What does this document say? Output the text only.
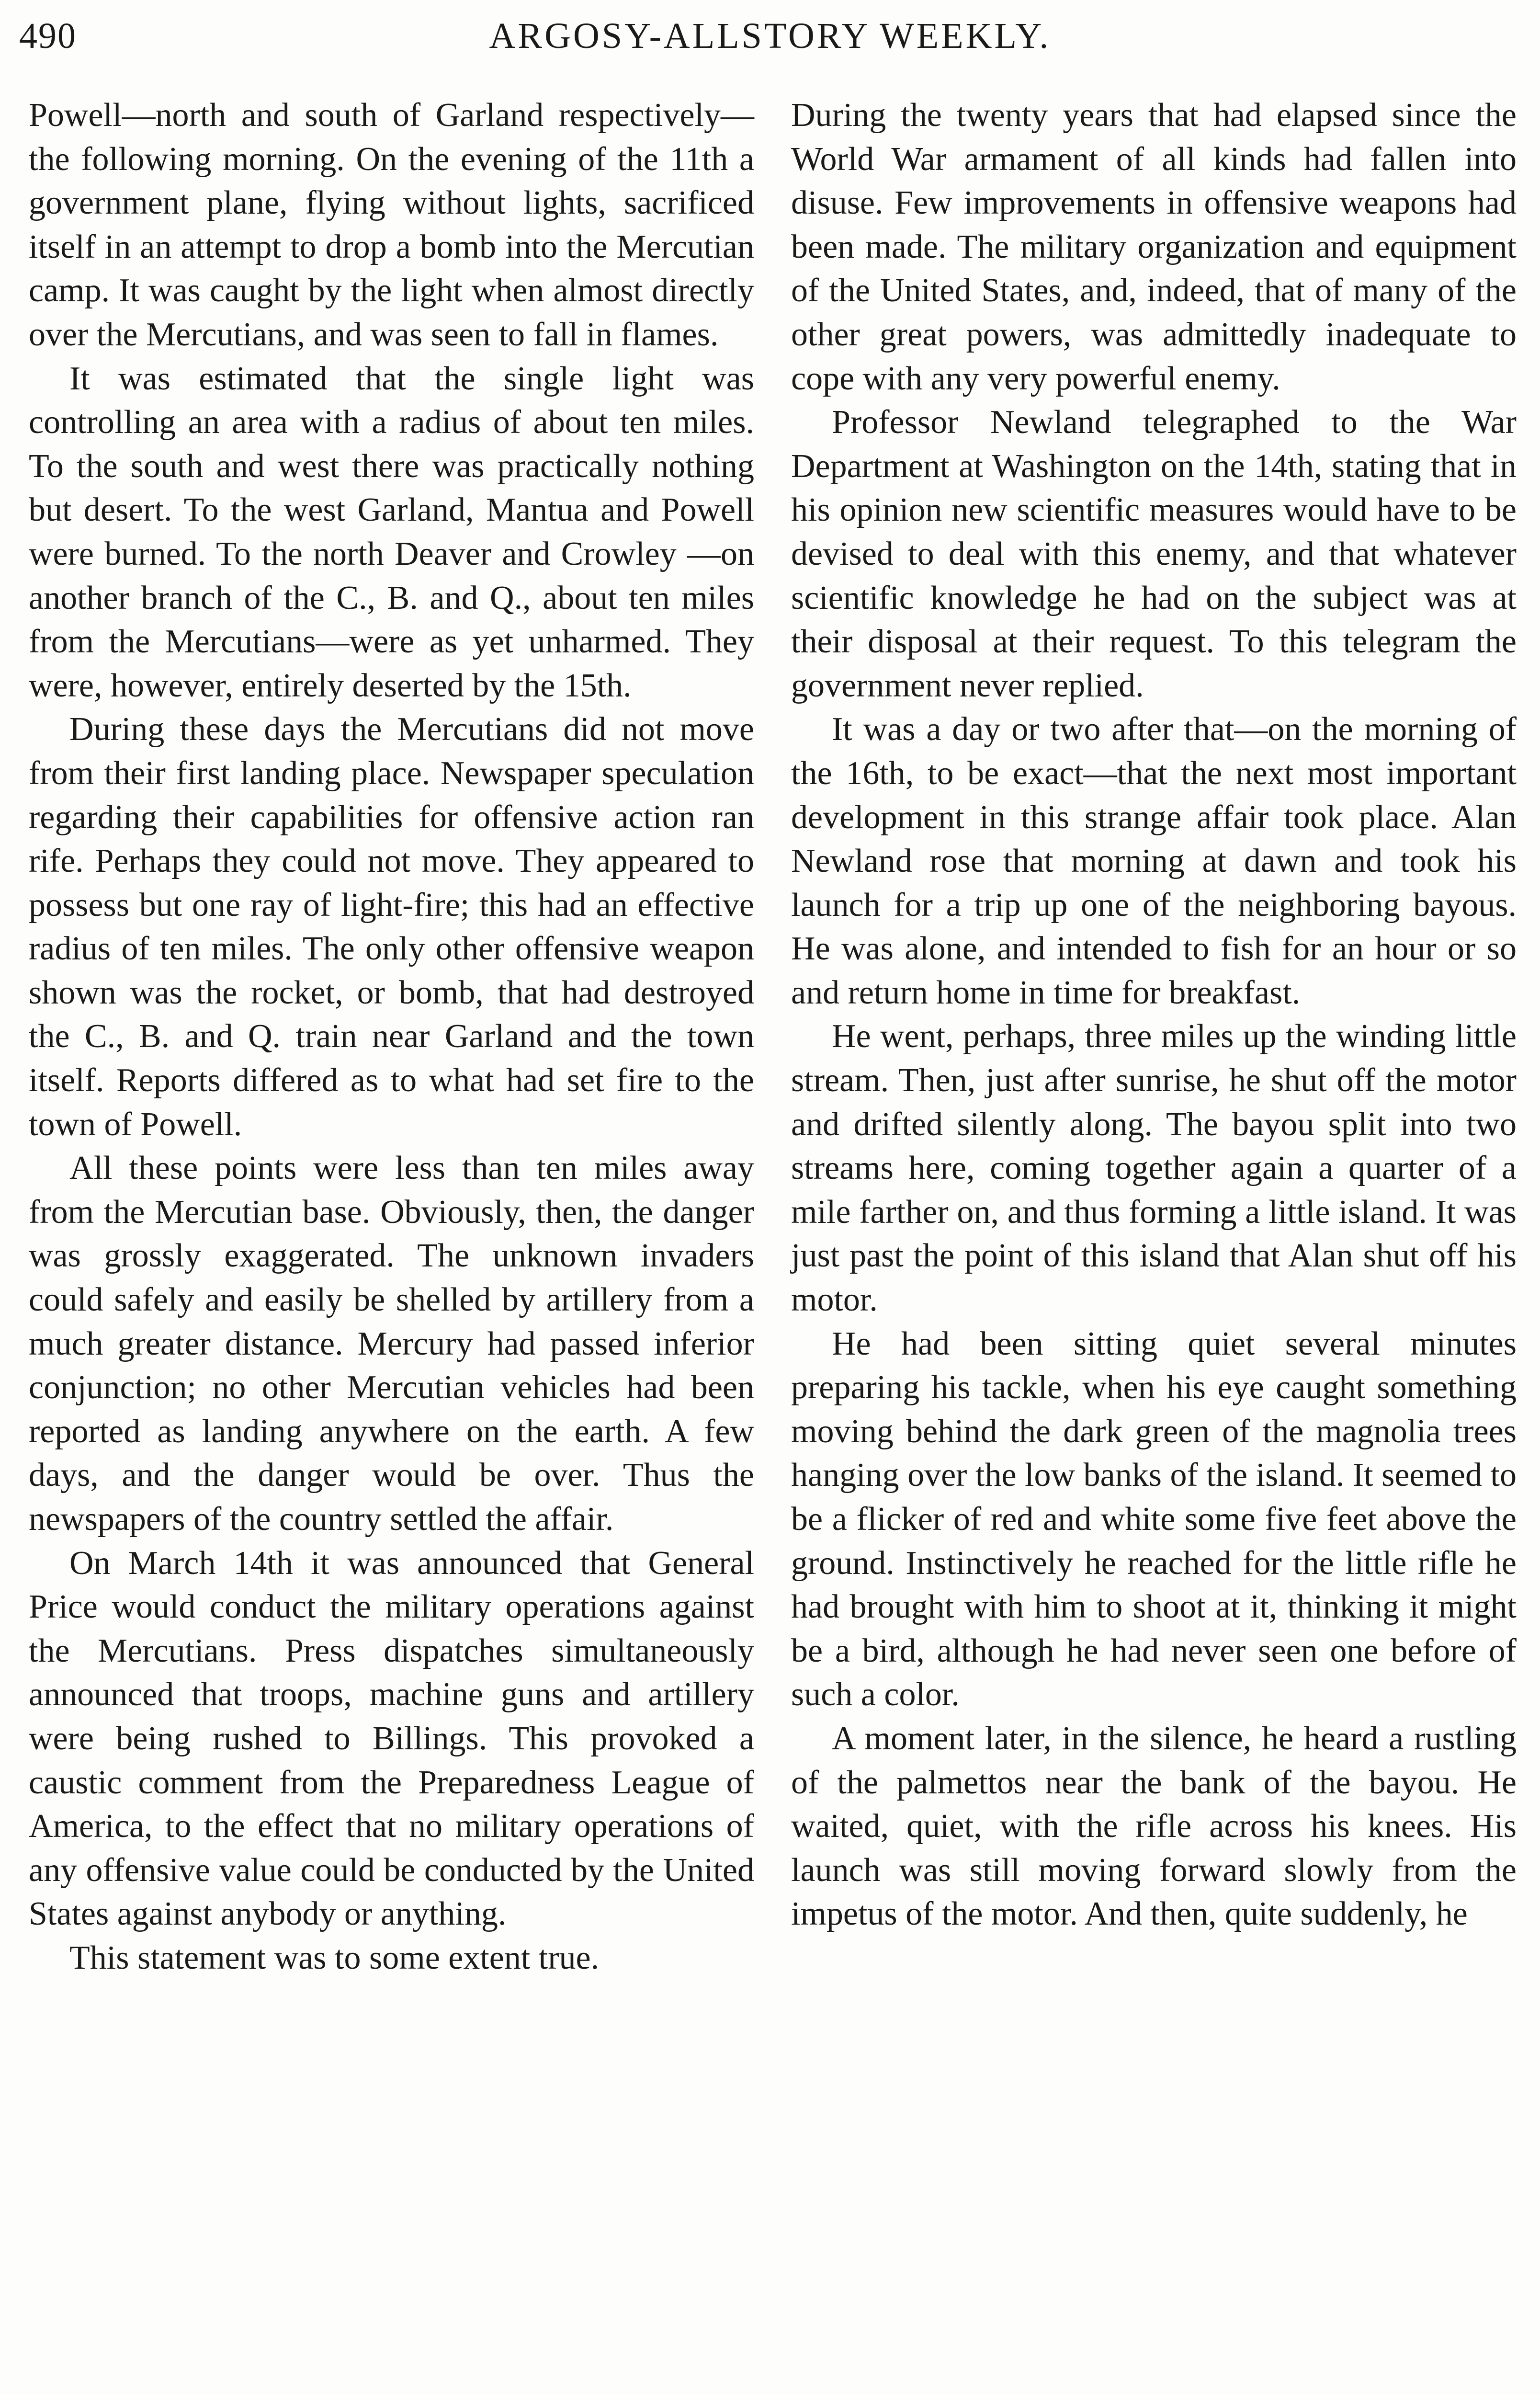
490	ARGOSY-ALLSTORY WEEKLY.

Powell—north and south of Garland respectively—the following morning. On the evening of the 11th a government plane, flying without lights, sacrificed itself in an attempt to drop a bomb into the Mercutian camp. It was caught by the light when almost directly over the Mercutians, and was seen to fall in flames.

It was estimated that the single light was controlling an area with a radius of about ten miles. To the south and west there was practically nothing but desert. To the west Garland, Mantua and Powell were burned. To the north Deaver and Crowley —on another branch of the C., B. and Q., about ten miles from the Mercutians—were as yet unharmed. They were, however, entirely deserted by the 15th.

During these days the Mercutians did not move from their first landing place. Newspaper speculation regarding their capabilities for offensive action ran rife. Perhaps they could not move. They appeared to possess but one ray of light-fire; this had an effective radius of ten miles. The only other offensive weapon shown was the rocket, or bomb, that had destroyed the C., B. and Q. train near Garland and the town itself. Reports differed as to what had set fire to the town of Powell.

All these points were less than ten miles away from the Mercutian base. Obviously, then, the danger was grossly exaggerated. The unknown invaders could safely and easily be shelled by artillery from a much greater distance. Mercury had passed inferior conjunction; no other Mercutian vehicles had been reported as landing anywhere on the earth. A few days, and the danger would be over. Thus the newspapers of the country settled the affair.

On March 14th it was announced that General Price would conduct the military operations against the Mercutians. Press dispatches simultaneously announced that troops, machine guns and artillery were being rushed to Billings. This provoked a caustic comment from the Preparedness League of America, to the effect that no military operations of any offensive value could be conducted by the United States against anybody or anything.

This statement was to some extent true.

During the twenty years that had elapsed since the World War armament of all kinds had fallen into disuse. Few improvements in offensive weapons had been made. The military organization and equipment of the United States, and, indeed, that of many of the other great powers, was admittedly inadequate to cope with any very powerful enemy.

Professor Newland telegraphed to the War Department at Washington on the 14th, stating that in his opinion new scientific measures would have to be devised to deal with this enemy, and that whatever scientific knowledge he had on the subject was at their disposal at their request. To this telegram the government never replied.

It was a day or two after that—on the morning of the 16th, to be exact—that the next most important development in this strange affair took place. Alan Newland rose that morning at dawn and took his launch for a trip up one of the neighboring bayous. He was alone, and intended to fish for an hour or so and return home in time for breakfast.

He went, perhaps, three miles up the winding little stream. Then, just after sunrise, he shut off the motor and drifted silently along. The bayou split into two streams here, coming together again a quarter of a mile farther on, and thus forming a little island. It was just past the point of this island that Alan shut off his motor.

He had been sitting quiet several minutes preparing his tackle, when his eye caught something moving behind the dark green of the magnolia trees hanging over the low banks of the island. It seemed to be a flicker of red and white some five feet above the ground. Instinctively he reached for the little rifle he had brought with him to shoot at it, thinking it might be a bird, although he had never seen one before of such a color.

A moment later, in the silence, he heard a rustling of the palmettos near the bank of the bayou. He waited, quiet, with the rifle across his knees. His launch was still moving forward slowly from the impetus of the motor. And then, quite suddenly, he
